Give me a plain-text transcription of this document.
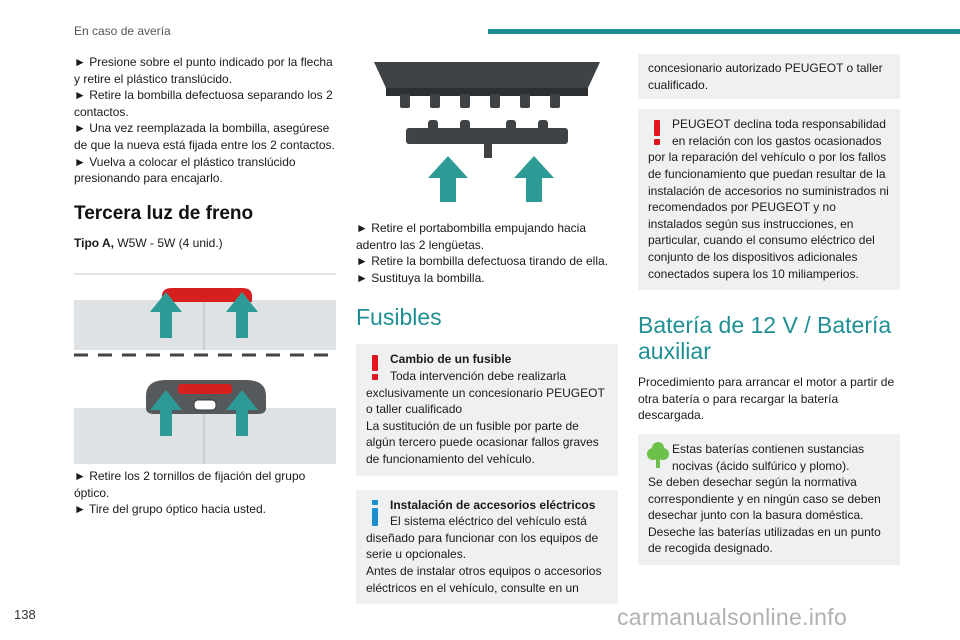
En caso de avería

► Presione sobre el punto indicado por la flecha y retire el plástico translúcido.
► Retire la bombilla defectuosa separando los 2 contactos.
► Una vez reemplazada la bombilla, asegúrese de que la nueva está fijada entre los 2 contactos.
► Vuelva a colocar el plástico translúcido presionando para encajarlo.

Tercera luz de freno

Tipo A, W5W - 5W (4 unid.)

► Retire los 2 tornillos de fijación del grupo óptico.
► Tire del grupo óptico hacia usted.

► Retire el portabombilla empujando hacia adentro las 2 lengüetas.
► Retire la bombilla defectuosa tirando de ella.
► Sustituya la bombilla.

Fusibles
Cambio de un fusible
Toda intervención debe realizarla
exclusivamente un concesionario PEUGEOT o taller cualificado
La sustitución de un fusible por parte de algún tercero puede ocasionar fallos graves de funcionamiento del vehículo.
Instalación de accesorios eléctricos
El sistema eléctrico del vehículo está
diseñado para funcionar con los equipos de serie u opcionales.
Antes de instalar otros equipos o accesorios eléctricos en el vehículo, consulte en un
concesionario autorizado PEUGEOT o taller cualificado.
PEUGEOT declina toda responsabilidad
en relación con los gastos ocasionados
por la reparación del vehículo o por los fallos de funcionamiento que puedan resultar de la instalación de accesorios no suministrados ni recomendados por PEUGEOT y no instalados según sus instrucciones, en particular, cuando el consumo eléctrico del conjunto de los dispositivos adicionales conectados supera los 10 miliamperios.
Batería de 12 V / Batería auxiliar

Procedimiento para arrancar el motor a partir de otra batería o para recargar la batería descargada.

Estas baterías contienen sustancias
nocivas (ácido sulfúrico y plomo).
Se deben desechar según la normativa correspondiente y en ningún caso se deben desechar junto con la basura doméstica.
Deseche las baterías utilizadas en un punto de recogida designado.
138	carmanualsonline.info
